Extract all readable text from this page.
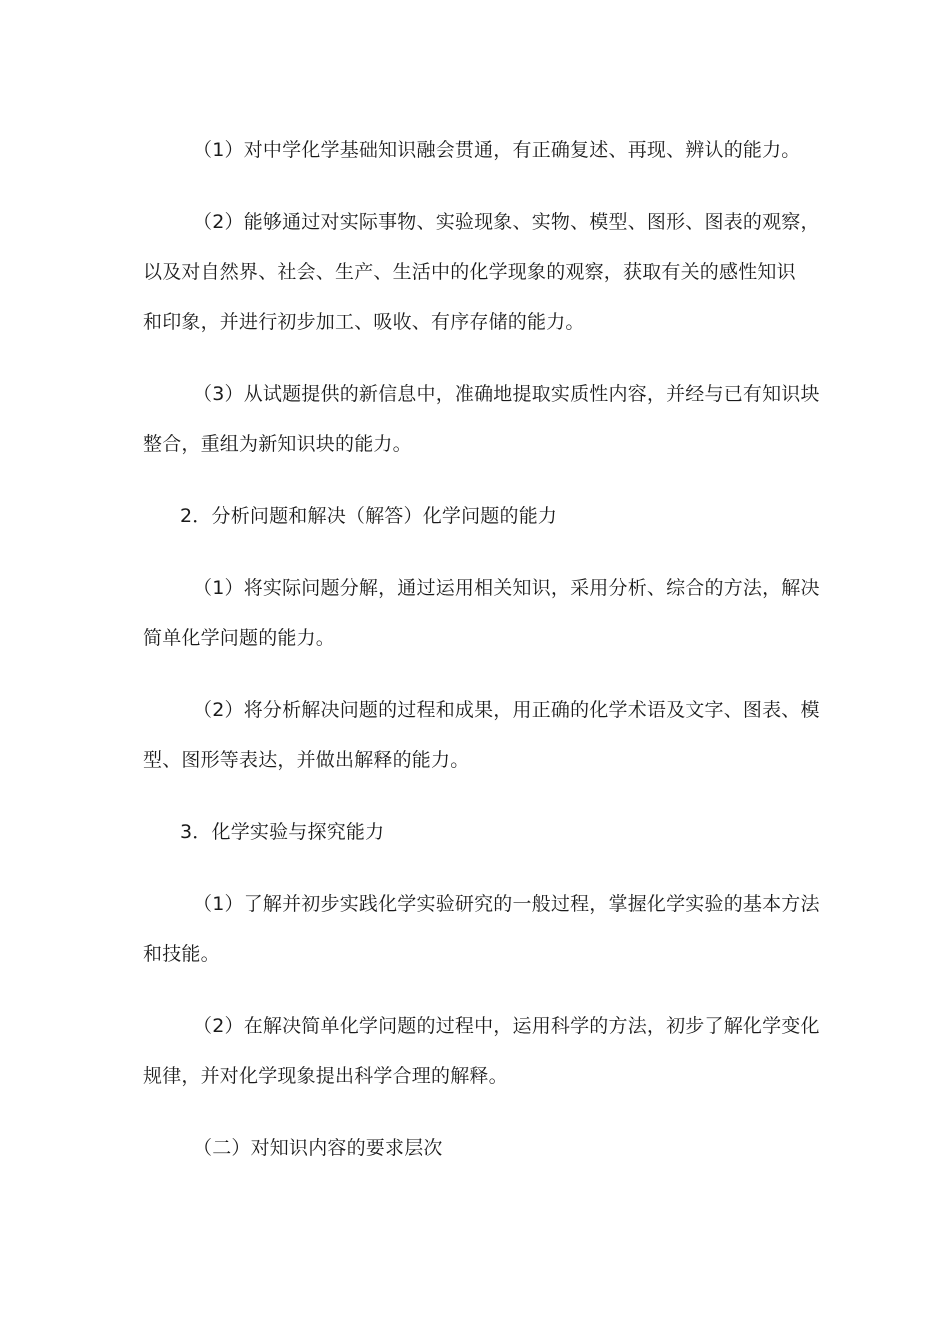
（1）对中学化学基础知识融会贯通，有正确复述、再现、辨认的能力。

（2）能够通过对实际事物、实验现象、实物、模型、图形、图表的观察，

以及对自然界、社会、生产、生活中的化学现象的观察，获取有关的感性知识

和印象，并进行初步加工、吸收、有序存储的能力。

（3）从试题提供的新信息中，准确地提取实质性内容，并经与已有知识块

整合，重组为新知识块的能力。

2．分析问题和解决（解答）化学问题的能力

（1）将实际问题分解，通过运用相关知识，采用分析、综合的方法，解决

简单化学问题的能力。

（2）将分析解决问题的过程和成果，用正确的化学术语及文字、图表、模

型、图形等表达，并做出解释的能力。

3．化学实验与探究能力

（1）了解并初步实践化学实验研究的一般过程，掌握化学实验的基本方法

和技能。

（2）在解决简单化学问题的过程中，运用科学的方法，初步了解化学变化

规律，并对化学现象提出科学合理的解释。

（二）对知识内容的要求层次
